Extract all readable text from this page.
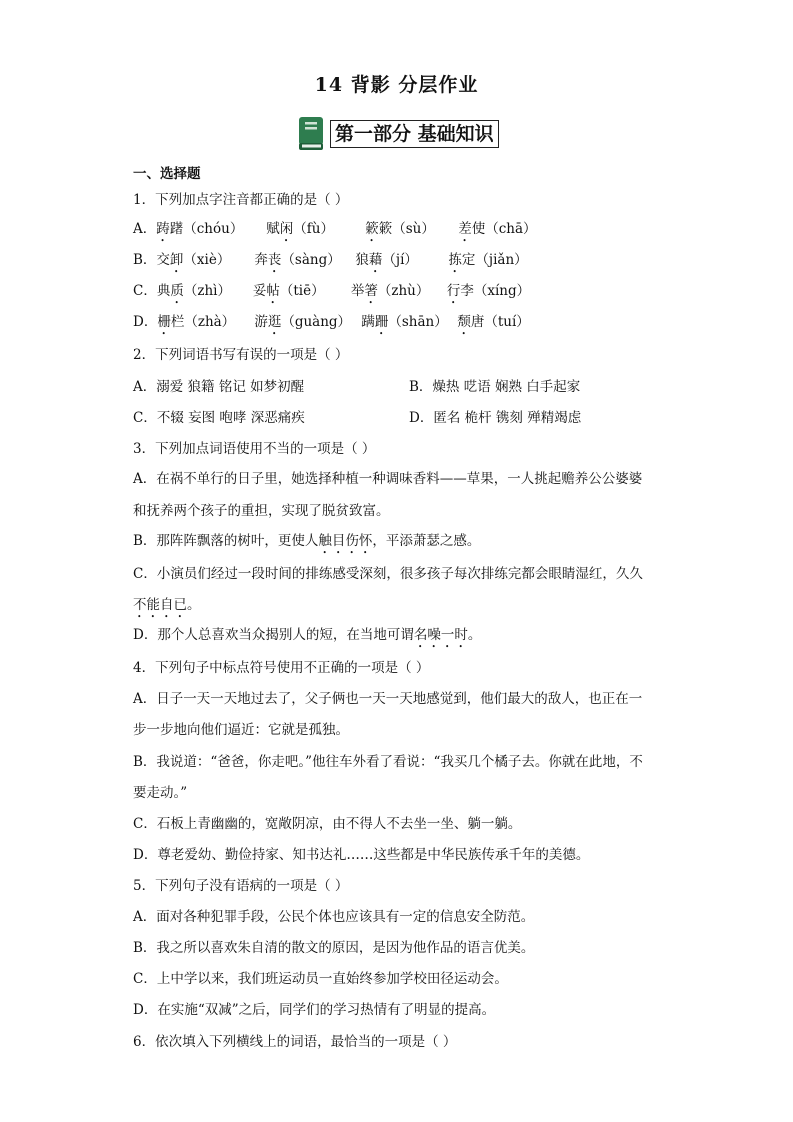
14 背影 分层作业
第一部分 基础知识
一、选择题
1．下列加点字注音都正确的是（ ）
A．踌躇（chóu） 赋闲（fù） 簌簌（sù） 差使（chā）
B．交卸（xiè） 奔丧（sàng） 狼藉（jí） 拣定（jiǎn）
C．典质（zhì） 妥帖（tiē） 举箸（zhù） 行李（xíng）
D．栅栏（zhà） 游逛（guàng） 蹒跚（shān） 颓唐（tuí）
2．下列词语书写有误的一项是（ ）
A．溺爱 狼籍 铭记 如梦初醒	B．燥热 呓语 娴熟 白手起家
C．不辍 妄图 咆哮 深恶痛疾	D．匿名 桅杆 镌刻 殚精竭虑
3．下列加点词语使用不当的一项是（ ）
A．在祸不单行的日子里，她选择种植一种调味香料——草果，一人挑起赡养公公婆婆
和抚养两个孩子的重担，实现了脱贫致富。
B．那阵阵飘落的树叶，更使人触目伤怀，平添萧瑟之感。
C．小演员们经过一段时间的排练感受深刻，很多孩子每次排练完都会眼睛湿红，久久
不能自已。
D．那个人总喜欢当众揭别人的短，在当地可谓名噪一时。
4．下列句子中标点符号使用不正确的一项是（ ）
A．日子一天一天地过去了，父子俩也一天一天地感觉到，他们最大的敌人，也正在一
步一步地向他们逼近：它就是孤独。
B．我说道：“爸爸，你走吧。”他往车外看了看说：“我买几个橘子去。你就在此地，不
要走动。”
C．石板上青幽幽的，宽敞阴凉，由不得人不去坐一坐、躺一躺。
D．尊老爱幼、勤俭持家、知书达礼……这些都是中华民族传承千年的美德。
5．下列句子没有语病的一项是（ ）
A．面对各种犯罪手段，公民个体也应该具有一定的信息安全防范。
B．我之所以喜欢朱自清的散文的原因，是因为他作品的语言优美。
C．上中学以来，我们班运动员一直始终参加学校田径运动会。
D．在实施“双减”之后，同学们的学习热情有了明显的提高。
6．依次填入下列横线上的词语，最恰当的一项是（ ）
